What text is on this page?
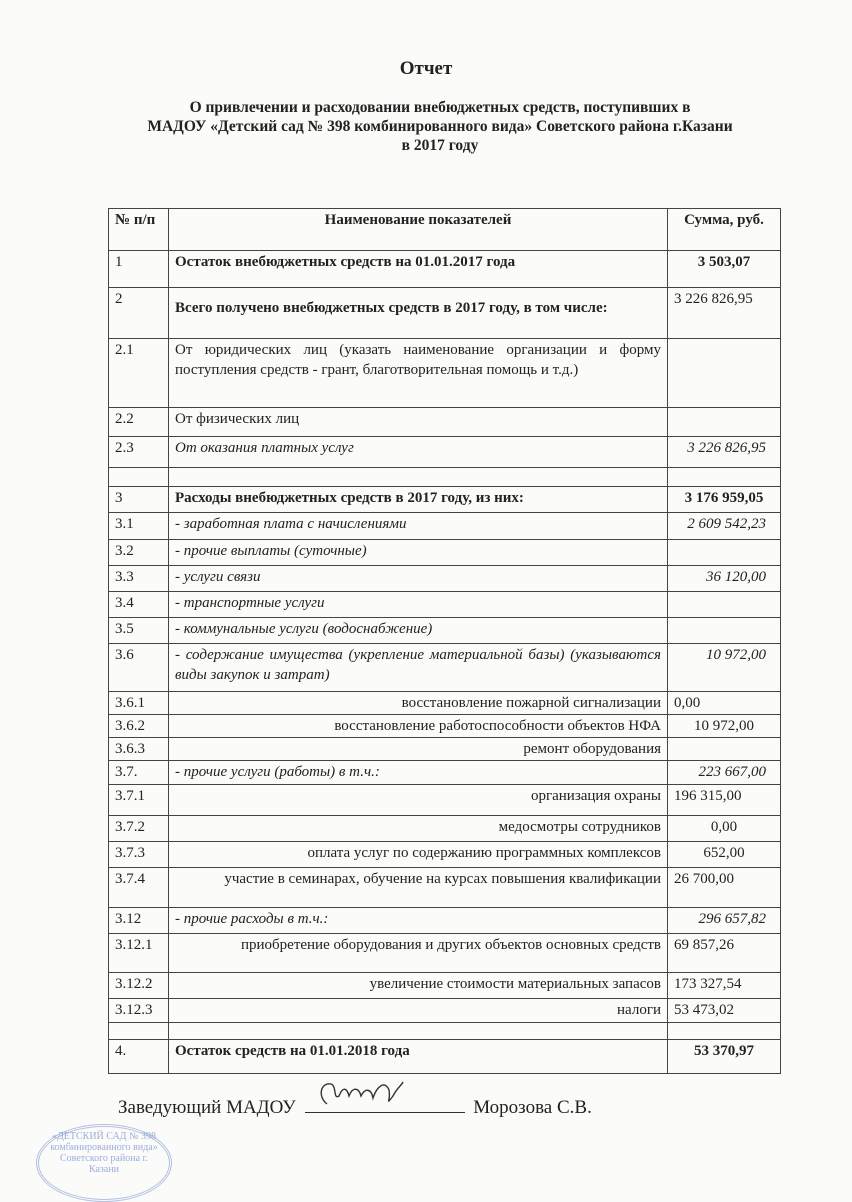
Отчет
О привлечении и расходовании внебюджетных средств, поступивших в
МАДОУ «Детский сад № 398 комбинированного вида» Советского района г.Казани
в 2017 году
№ п/п	Наименование показателей	Сумма, руб.
1	Остаток внебюджетных средств на 01.01.2017 года	3 503,07
2	Всего получено внебюджетных средств в 2017 году, в том числе:	3 226 826,95
2.1	От юридических лиц (указать наименование организации и форму поступления средств - грант, благотворительная помощь и т.д.)	
2.2	От физических лиц	
2.3	От оказания платных услуг	3 226 826,95

3	Расходы внебюджетных средств в 2017 году, из них:	3 176 959,05
3.1	- заработная плата с начислениями	2 609 542,23
3.2	- прочие выплаты (суточные)	
3.3	- услуги связи	36 120,00
3.4	- транспортные услуги	
3.5	- коммунальные услуги (водоснабжение)	
3.6	- содержание имущества (укрепление материальной базы) (указываются виды закупок и затрат)	10 972,00
3.6.1	восстановление пожарной сигнализации	0,00
3.6.2	восстановление работоспособности объектов НФА	10 972,00
3.6.3	ремонт оборудования	
3.7.	- прочие услуги (работы) в т.ч.:	223 667,00
3.7.1	организация охраны	196 315,00
3.7.2	медосмотры сотрудников	0,00
3.7.3	оплата услуг по содержанию программных комплексов	652,00
3.7.4	участие в семинарах, обучение на курсах повышения квалификации	26 700,00
3.12	- прочие расходы в т.ч.:	296 657,82
3.12.1	приобретение оборудования и других объектов основных средств	69 857,26
3.12.2	увеличение стоимости материальных запасов	173 327,54
3.12.3	налоги	53 473,02

4.	Остаток средств на 01.01.2018 года	53 370,97
Заведующий МАДОУ	Морозова С.В.
«ДЕТСКИЙ САД № 398 комбинированного вида» Советского района г. Казани
